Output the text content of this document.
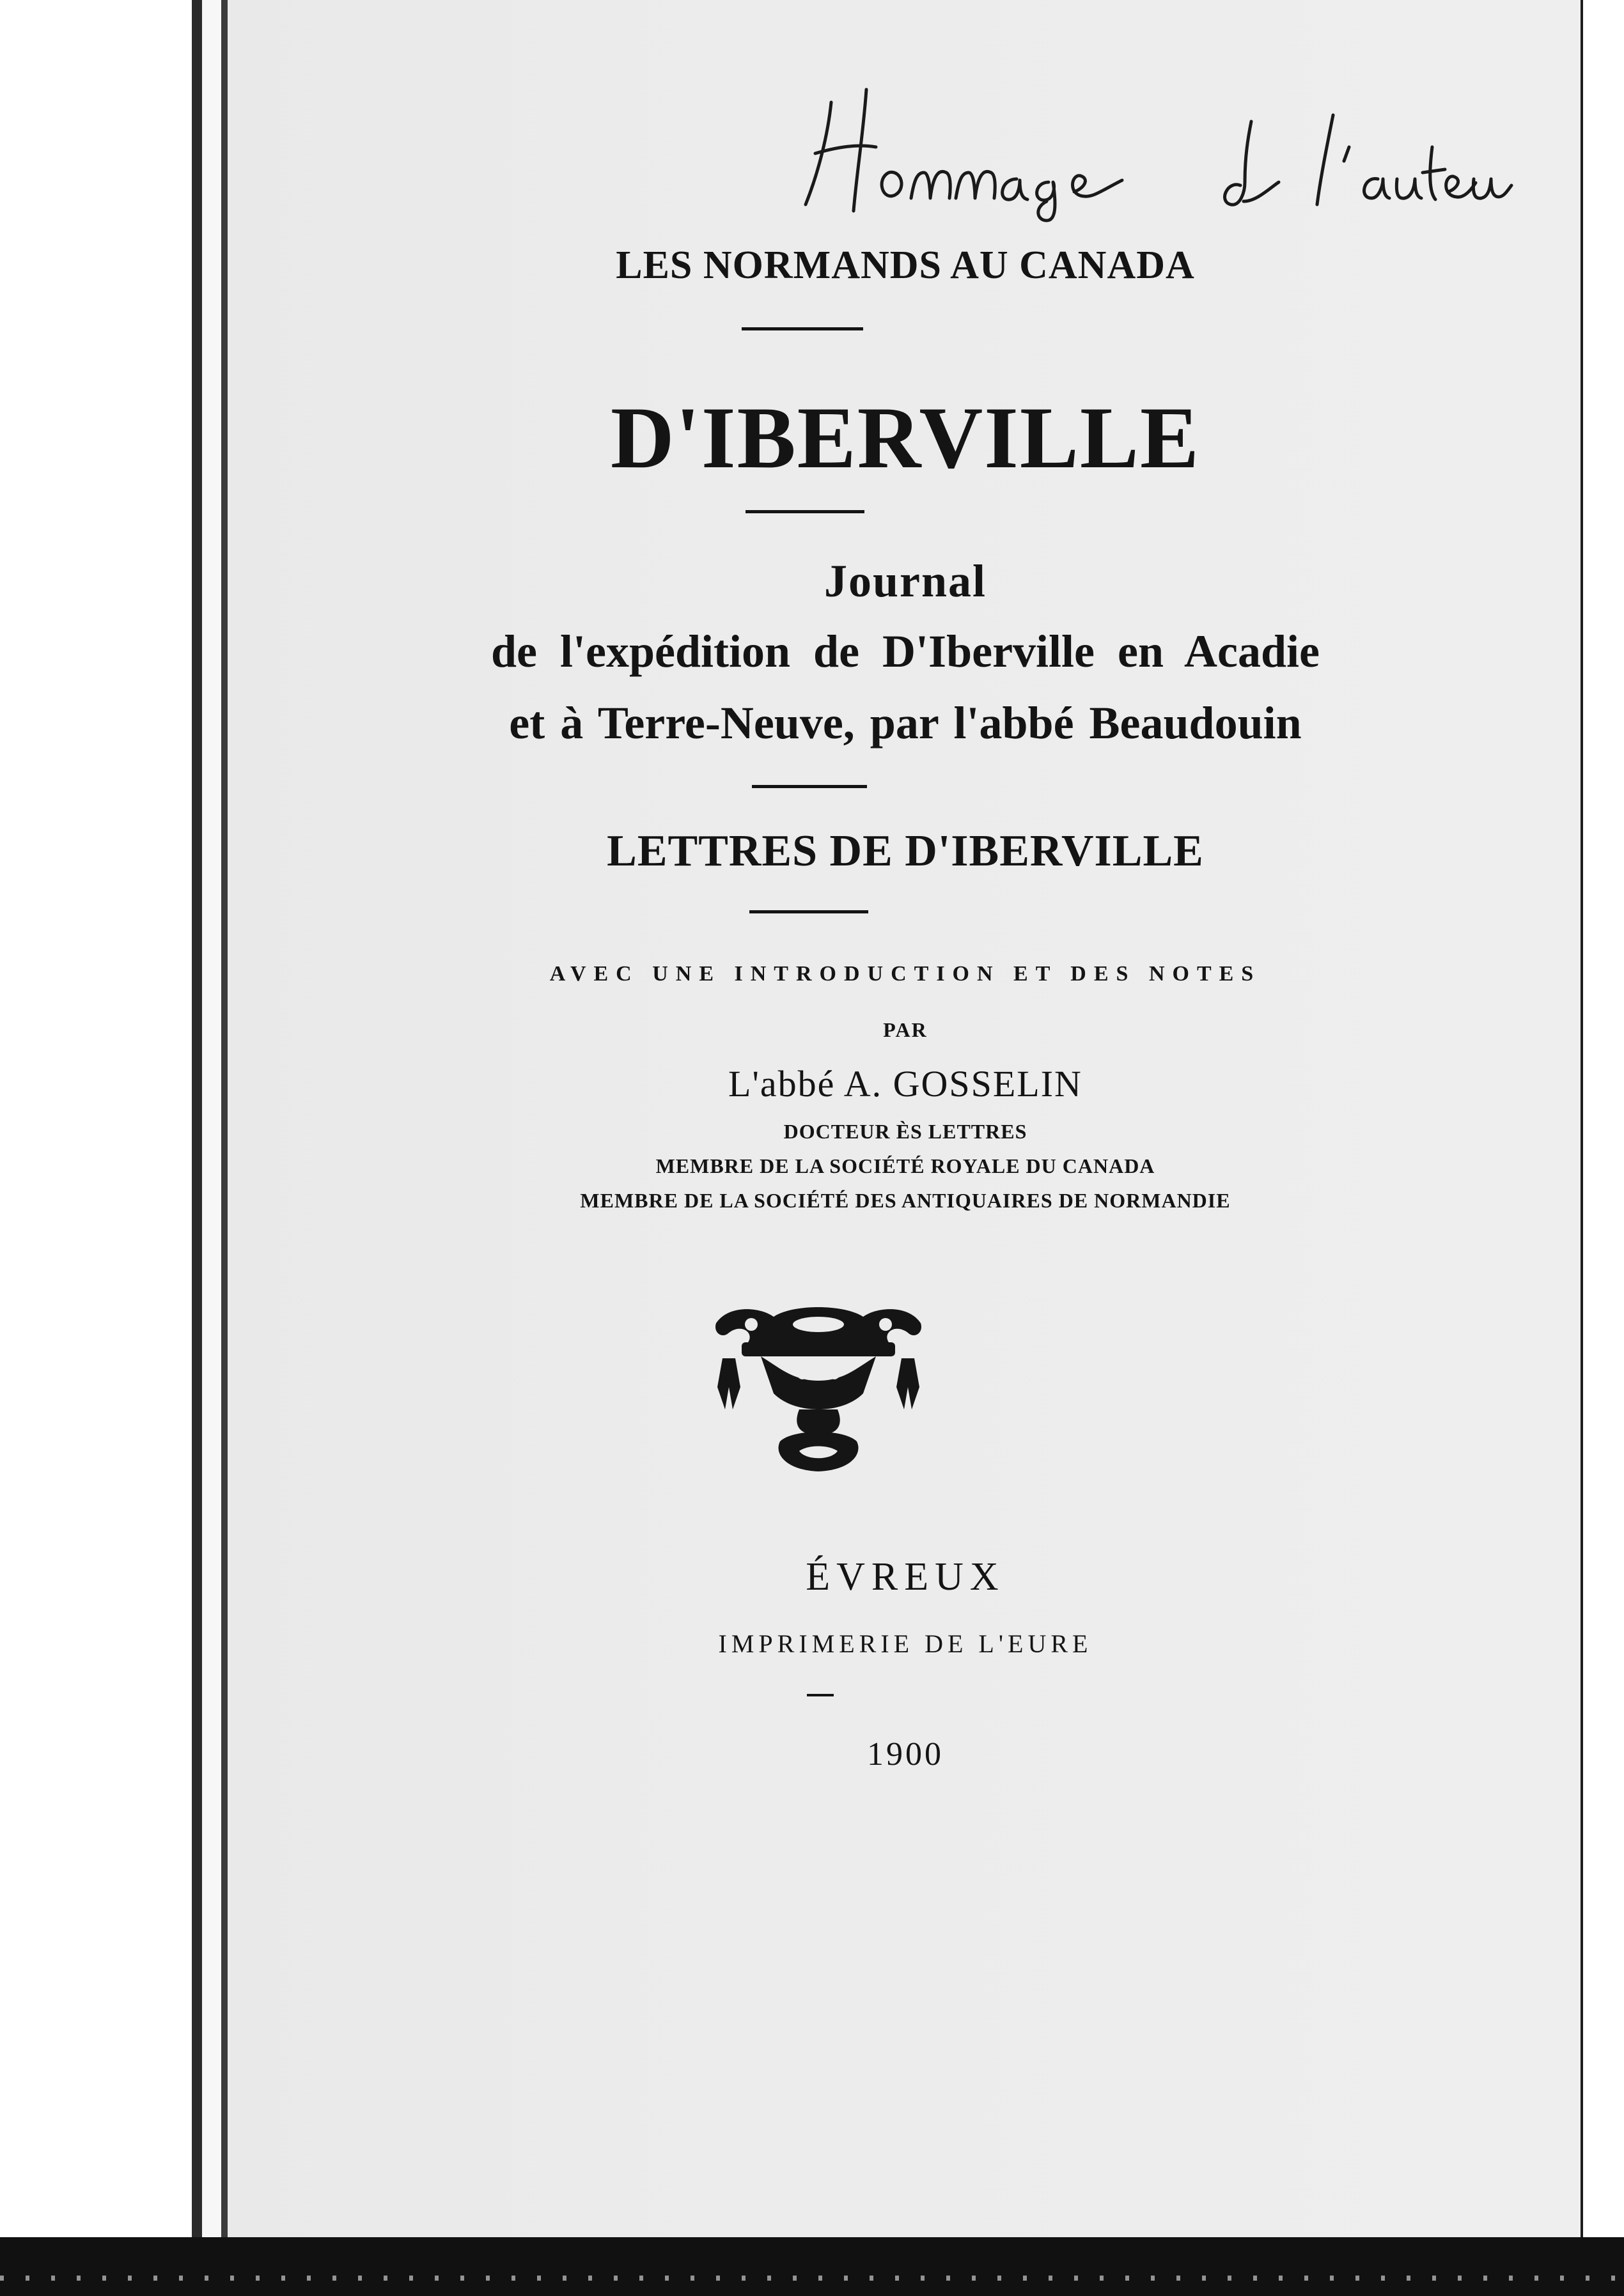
LES NORMANDS AU CANADA
D'IBERVILLE
Journal
de l'expédition de D'Iberville en Acadie
et à Terre-Neuve, par l'abbé Beaudouin
LETTRES DE D'IBERVILLE
AVEC UNE INTRODUCTION ET DES NOTES
PAR
L'abbé A. GOSSELIN
DOCTEUR ÈS LETTRES
MEMBRE DE LA SOCIÉTÉ ROYALE DU CANADA
MEMBRE DE LA SOCIÉTÉ DES ANTIQUAIRES DE NORMANDIE
ÉVREUX
IMPRIMERIE DE L'EURE
1900
